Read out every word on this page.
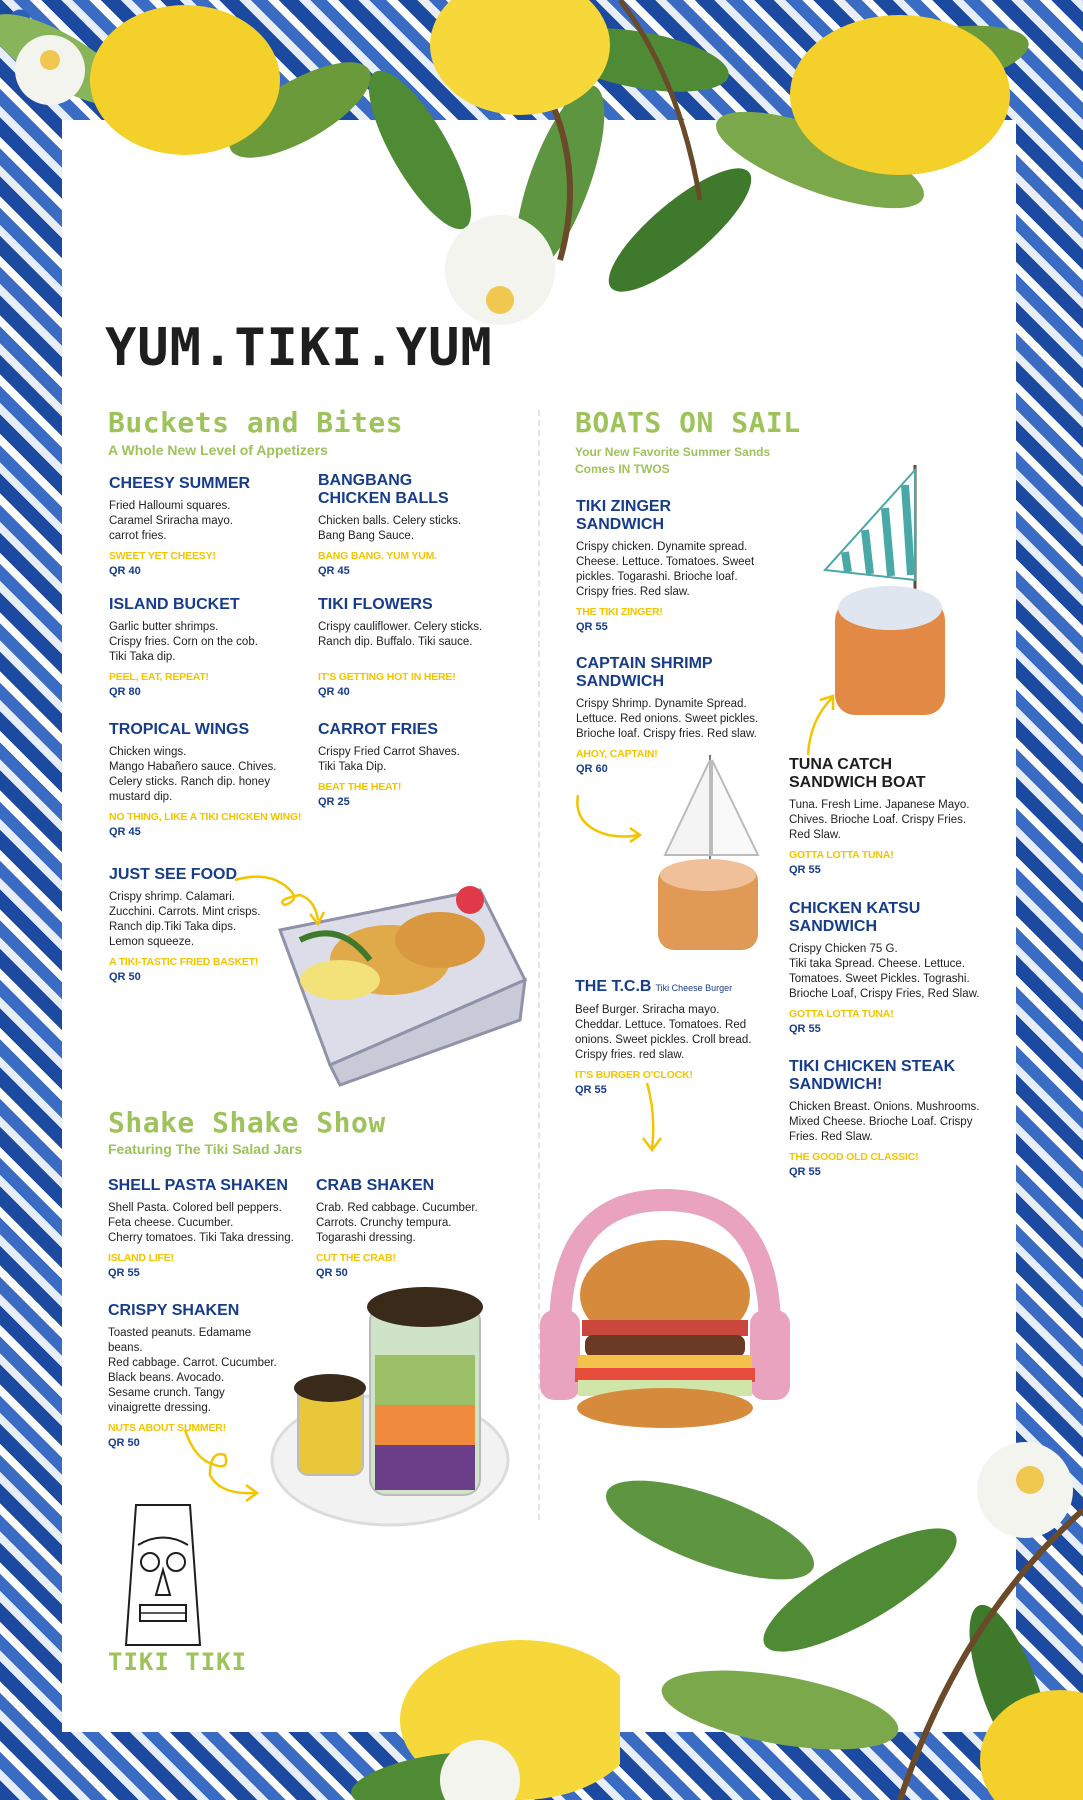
YUM.TIKI.YUM
Buckets and Bites
A Whole New Level of Appetizers
CHEESY SUMMER
Fried Halloumi squares.
Caramel Sriracha mayo.
carrot fries.
SWEET YET CHEESY!
QR 40
BANGBANG
CHICKEN BALLS
Chicken balls. Celery sticks.
Bang Bang Sauce.
BANG BANG. YUM YUM.
QR 45
ISLAND BUCKET
Garlic butter shrimps.
Crispy fries. Corn on the cob.
Tiki Taka dip.
PEEL, EAT, REPEAT!
QR 80
TIKI FLOWERS
Crispy cauliflower. Celery sticks.
Ranch dip. Buffalo. Tiki sauce.
IT'S GETTING HOT IN HERE!
QR 40
TROPICAL WINGS
Chicken wings.
Mango Habañero sauce. Chives.
Celery sticks. Ranch dip. honey
mustard dip.
NO THING, LIKE A TIKI CHICKEN WING!
QR 45
CARROT FRIES
Crispy Fried Carrot Shaves.
Tiki Taka Dip.
BEAT THE HEAT!
QR 25
JUST SEE FOOD
Crispy shrimp. Calamari.
Zucchini. Carrots. Mint crisps.
Ranch dip.Tiki Taka dips.
Lemon squeeze.
A TIKI-TASTIC FRIED BASKET!
QR 50
BOATS ON SAIL
Your New Favorite Summer Sands
Comes IN TWOS
TIKI ZINGER
SANDWICH
Crispy chicken. Dynamite spread.
Cheese. Lettuce. Tomatoes. Sweet
pickles. Togarashi. Brioche loaf.
Crispy fries. Red slaw.
THE TIKI ZINGER!
QR 55
CAPTAIN SHRIMP
SANDWICH
Crispy Shrimp. Dynamite Spread.
Lettuce. Red onions. Sweet pickles.
Brioche loaf. Crispy fries. Red slaw.
AHOY, CAPTAIN!
QR 60
THE T.C.B Tiki Cheese Burger
Beef Burger. Sriracha mayo.
Cheddar. Lettuce. Tomatoes. Red
onions. Sweet pickles. Croll bread.
Crispy fries. red slaw.
IT'S BURGER O'CLOCK!
QR 55
TUNA CATCH
SANDWICH BOAT
Tuna. Fresh Lime. Japanese Mayo.
Chives. Brioche Loaf. Crispy Fries.
Red Slaw.
GOTTA LOTTA TUNA!
QR 55
CHICKEN KATSU
SANDWICH
Crispy Chicken 75 G.
Tiki taka Spread. Cheese. Lettuce.
Tomatoes. Sweet Pickles. Tograshi.
Brioche Loaf, Crispy Fries, Red Slaw.
GOTTA LOTTA TUNA!
QR 55
TIKI CHICKEN STEAK
SANDWICH!
Chicken Breast. Onions. Mushrooms.
Mixed Cheese. Brioche Loaf. Crispy
Fries. Red Slaw.
THE GOOD OLD CLASSIC!
QR 55
Shake Shake Show
Featuring The Tiki Salad Jars
SHELL PASTA SHAKEN
Shell Pasta. Colored bell peppers.
Feta cheese. Cucumber.
Cherry tomatoes. Tiki Taka dressing.
ISLAND LIFE!
QR 55
CRAB SHAKEN
Crab. Red cabbage. Cucumber.
Carrots. Crunchy tempura.
Togarashi dressing.
CUT THE CRAB!
QR 50
CRISPY SHAKEN
Toasted peanuts. Edamame beans.
Red cabbage. Carrot. Cucumber.
Black beans. Avocado.
Sesame crunch. Tangy
vinaigrette dressing.
NUTS ABOUT SUMMER!
QR 50
TIKI TIKI
